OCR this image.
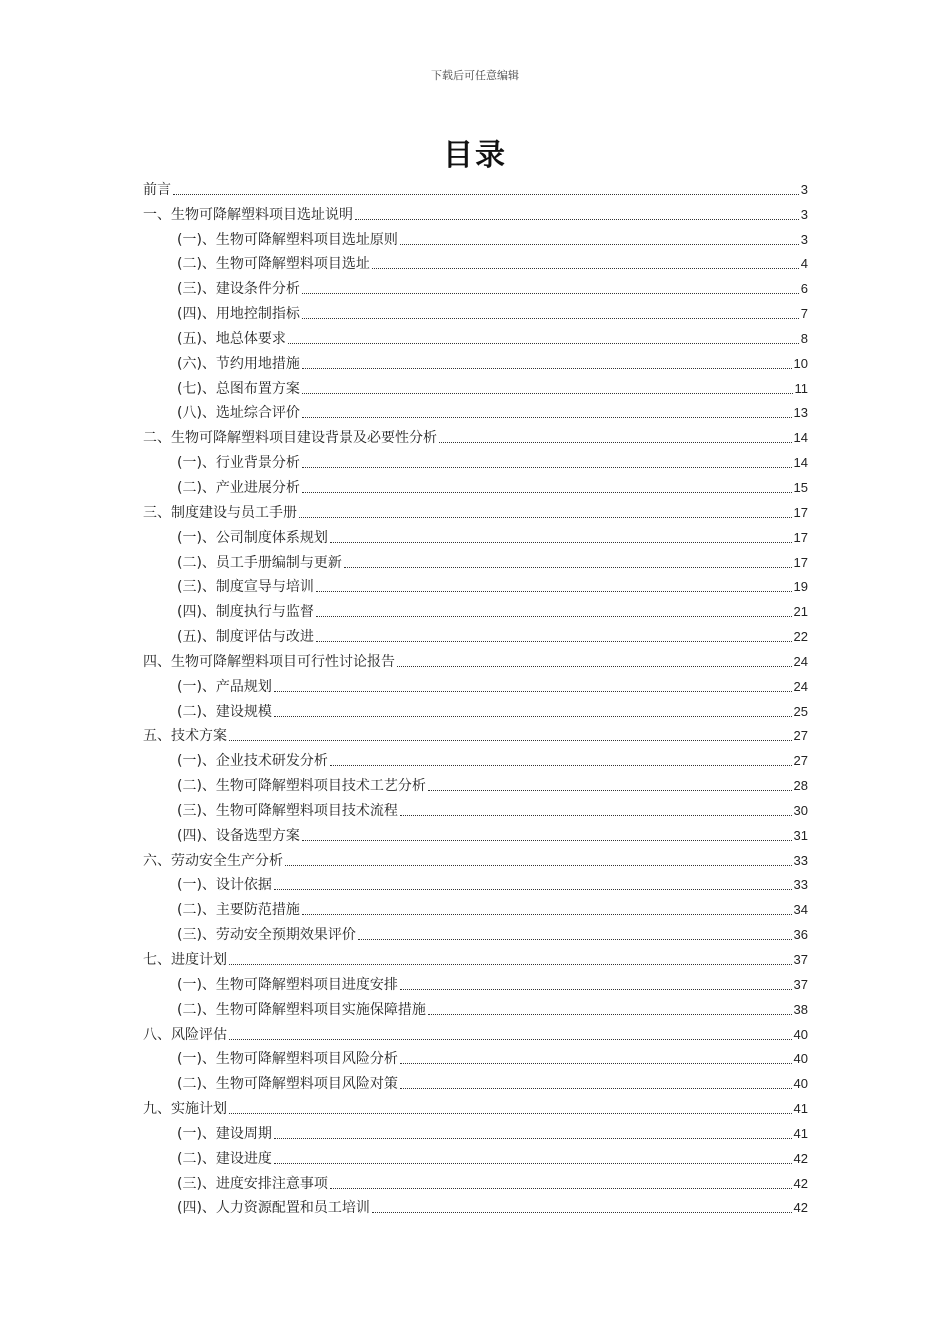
下载后可任意编辑
目录
前言	3
一、生物可降解塑料项目选址说明	3
(一)、生物可降解塑料项目选址原则	3
(二)、生物可降解塑料项目选址	4
(三)、建设条件分析	6
(四)、用地控制指标	7
(五)、地总体要求	8
(六)、节约用地措施	10
(七)、总图布置方案	11
(八)、选址综合评价	13
二、生物可降解塑料项目建设背景及必要性分析	14
(一)、行业背景分析	14
(二)、产业进展分析	15
三、制度建设与员工手册	17
(一)、公司制度体系规划	17
(二)、员工手册编制与更新	17
(三)、制度宣导与培训	19
(四)、制度执行与监督	21
(五)、制度评估与改进	22
四、生物可降解塑料项目可行性讨论报告	24
(一)、产品规划	24
(二)、建设规模	25
五、技术方案	27
(一)、企业技术研发分析	27
(二)、生物可降解塑料项目技术工艺分析	28
(三)、生物可降解塑料项目技术流程	30
(四)、设备选型方案	31
六、劳动安全生产分析	33
(一)、设计依据	33
(二)、主要防范措施	34
(三)、劳动安全预期效果评价	36
七、进度计划	37
(一)、生物可降解塑料项目进度安排	37
(二)、生物可降解塑料项目实施保障措施	38
八、风险评估	40
(一)、生物可降解塑料项目风险分析	40
(二)、生物可降解塑料项目风险对策	40
九、实施计划	41
(一)、建设周期	41
(二)、建设进度	42
(三)、进度安排注意事项	42
(四)、人力资源配置和员工培训	42
